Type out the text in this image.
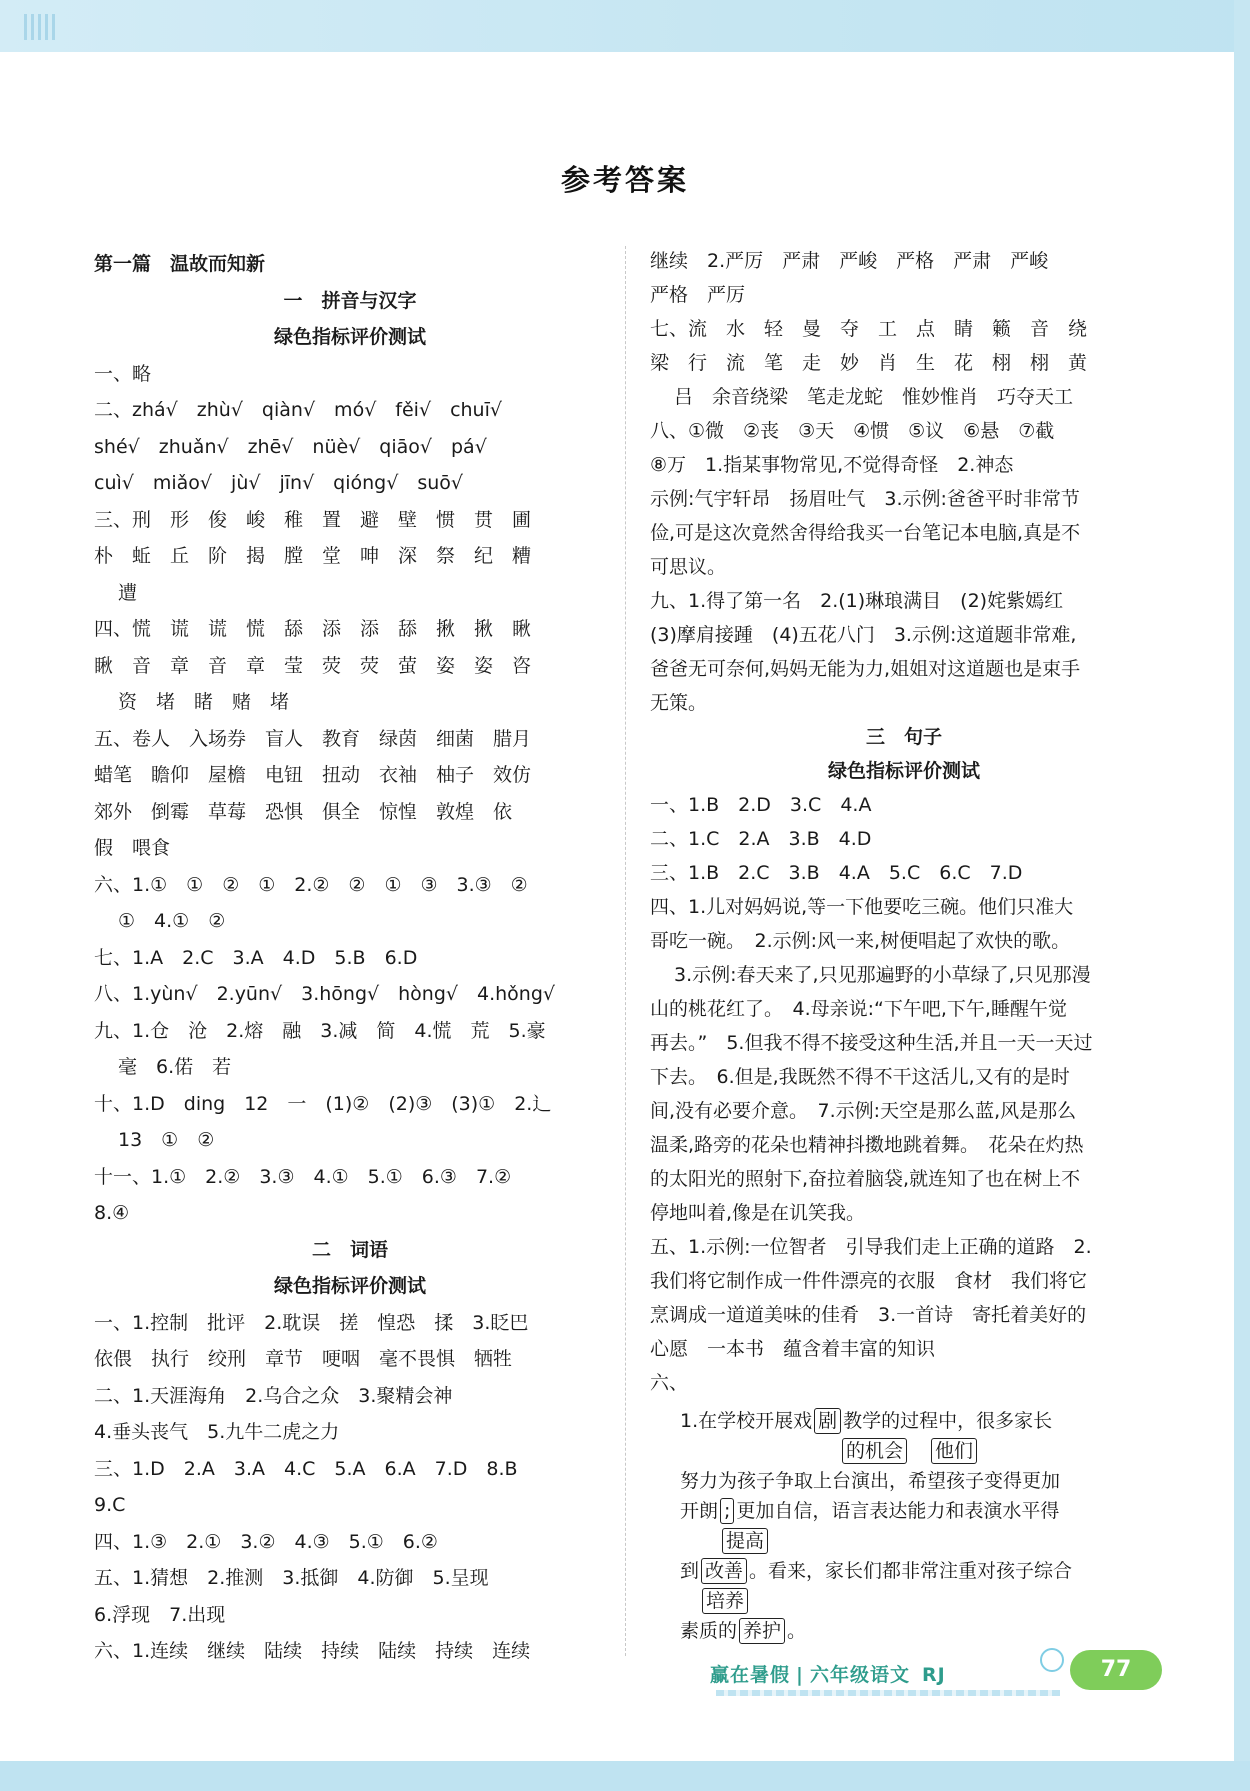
参考答案
第一篇　温故而知新
一　拼音与汉字
绿色指标评价测试
一、略
二、zhá√　zhù√　qiàn√　mó√　fěi√　chuī√
shé√　zhuǎn√　zhē√　nüè√　qiāo√　pá√
cuì√　miǎo√　jù√　jīn√　qióng√　suō√
三、刑　形　俊　峻　稚　置　避　壁　惯　贯　圃
朴　蚯　丘　阶　揭　膛　堂　呻　深　祭　纪　糟
遭
四、慌　谎　谎　慌　舔　添　添　舔　揪　揪　瞅
瞅　音　章　音　章　莹　荧　荧　萤　姿　姿　咨
资　堵　睹　赌　堵
五、卷人　入场券　盲人　教育　绿茵　细菌　腊月
蜡笔　瞻仰　屋檐　电钮　扭动　衣袖　柚子　效仿
郊外　倒霉　草莓　恐惧　俱全　惊惶　敦煌　依
假　喂食
六、1.①　①　②　①　2.②　②　①　③　3.③　②
①　4.①　②
七、1.A　2.C　3.A　4.D　5.B　6.D
八、1.yùn√　2.yūn√　3.hōng√　hòng√　4.hǒng√
九、1.仓　沧　2.熔　融　3.减　简　4.慌　荒　5.豪
毫　6.偌　若
十、1.D　ding　12　一　(1)②　(2)③　(3)①　2.辶
13　①　②
十一、1.①　2.②　3.③　4.①　5.①　6.③　7.②
8.④
二　词语
绿色指标评价测试
一、1.控制　批评　2.耽误　搓　惶恐　揉　3.眨巴
依偎　执行　绞刑　章节　哽咽　毫不畏惧　牺牲
二、1.天涯海角　2.乌合之众　3.聚精会神
4.垂头丧气　5.九牛二虎之力
三、1.D　2.A　3.A　4.C　5.A　6.A　7.D　8.B
9.C
四、1.③　2.①　3.②　4.③　5.①　6.②
五、1.猜想　2.推测　3.抵御　4.防御　5.呈现
6.浮现　7.出现
六、1.连续　继续　陆续　持续　陆续　持续　连续
继续　2.严厉　严肃　严峻　严格　严肃　严峻
严格　严厉
七、流　水　轻　曼　夺　工　点　睛　籁　音　绕
梁　行　流　笔　走　妙　肖　生　花　栩　栩　黄
吕　余音绕梁　笔走龙蛇　惟妙惟肖　巧夺天工
八、①微　②丧　③天　④惯　⑤议　⑥悬　⑦截
⑧万　1.指某事物常见,不觉得奇怪　2.神态
示例:气宇轩昂　扬眉吐气　3.示例:爸爸平时非常节
俭,可是这次竟然舍得给我买一台笔记本电脑,真是不
可思议。
九、1.得了第一名　2.(1)琳琅满目　(2)姹紫嫣红
(3)摩肩接踵　(4)五花八门　3.示例:这道题非常难,
爸爸无可奈何,妈妈无能为力,姐姐对这道题也是束手
无策。
三　句子
绿色指标评价测试
一、1.B　2.D　3.C　4.A
二、1.C　2.A　3.B　4.D
三、1.B　2.C　3.B　4.A　5.C　6.C　7.D
四、1.儿对妈妈说,等一下他要吃三碗。他们只准大
哥吃一碗。　2.示例:风一来,树便唱起了欢快的歌。
3.示例:春天来了,只见那遍野的小草绿了,只见那漫
山的桃花红了。　4.母亲说:“下午吧,下午,睡醒午觉
再去。”　5.但我不得不接受这种生活,并且一天一天过
下去。　6.但是,我既然不得不干这活儿,又有的是时
间,没有必要介意。　7.示例:天空是那么蓝,风是那么
温柔,路旁的花朵也精神抖擞地跳着舞。　花朵在灼热
的太阳光的照射下,奋拉着脑袋,就连知了也在树上不
停地叫着,像是在讥笑我。
五、1.示例:一位智者　引导我们走上正确的道路　2.
我们将它制作成一件件漂亮的衣服　食材　我们将它
烹调成一道道美味的佳肴　3.一首诗　寄托着美好的
心愿　一本书　蕴含着丰富的知识
六、
1.在学校开展戏 剧 教学的过程中，很多家长
的机会 他们
努力为孩子争取上台演出，希望孩子变得更加
开朗 ; 更加自信，语言表达能力和表演水平得
提高
到 改善 。看来，家长们都非常注重对孩子综合
培养
素质的 养护 。
赢在暑假 | 六年级语文 RJ	77
